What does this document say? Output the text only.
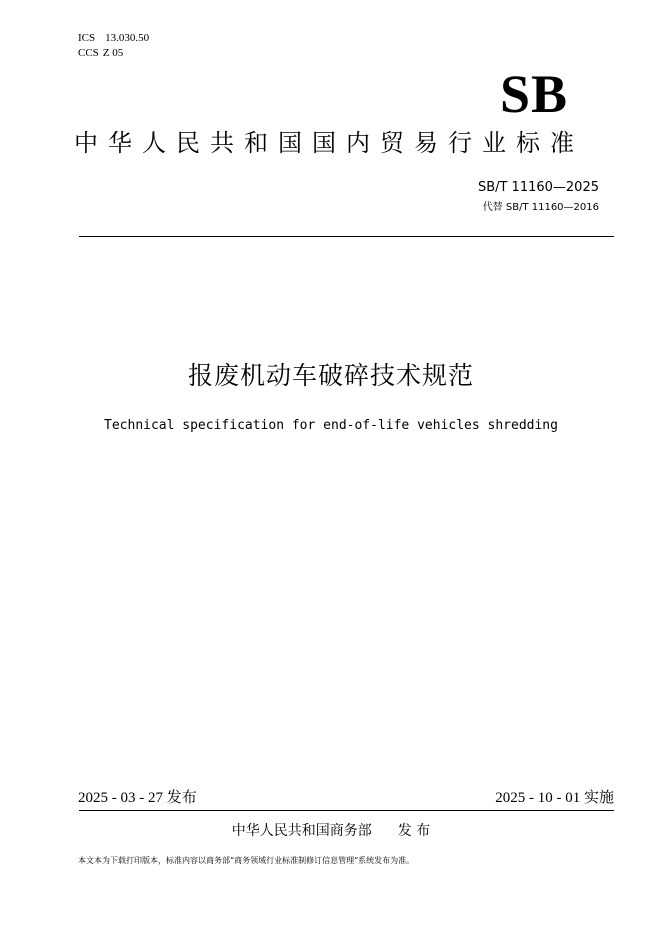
ICS 13.030.50
CCS Z 05
SB
中华人民共和国国内贸易行业标准
SB/T 11160—2025
代替 SB/T 11160—2016
报废机动车破碎技术规范
Technical specification for end-of-life vehicles shredding
2025 - 03 - 27 发布	2025 - 10 - 01 实施
中华人民共和国商务部 发 布
本文本为下载打印版本，标准内容以商务部“商务领域行业标准制修订信息管理”系统发布为准。
